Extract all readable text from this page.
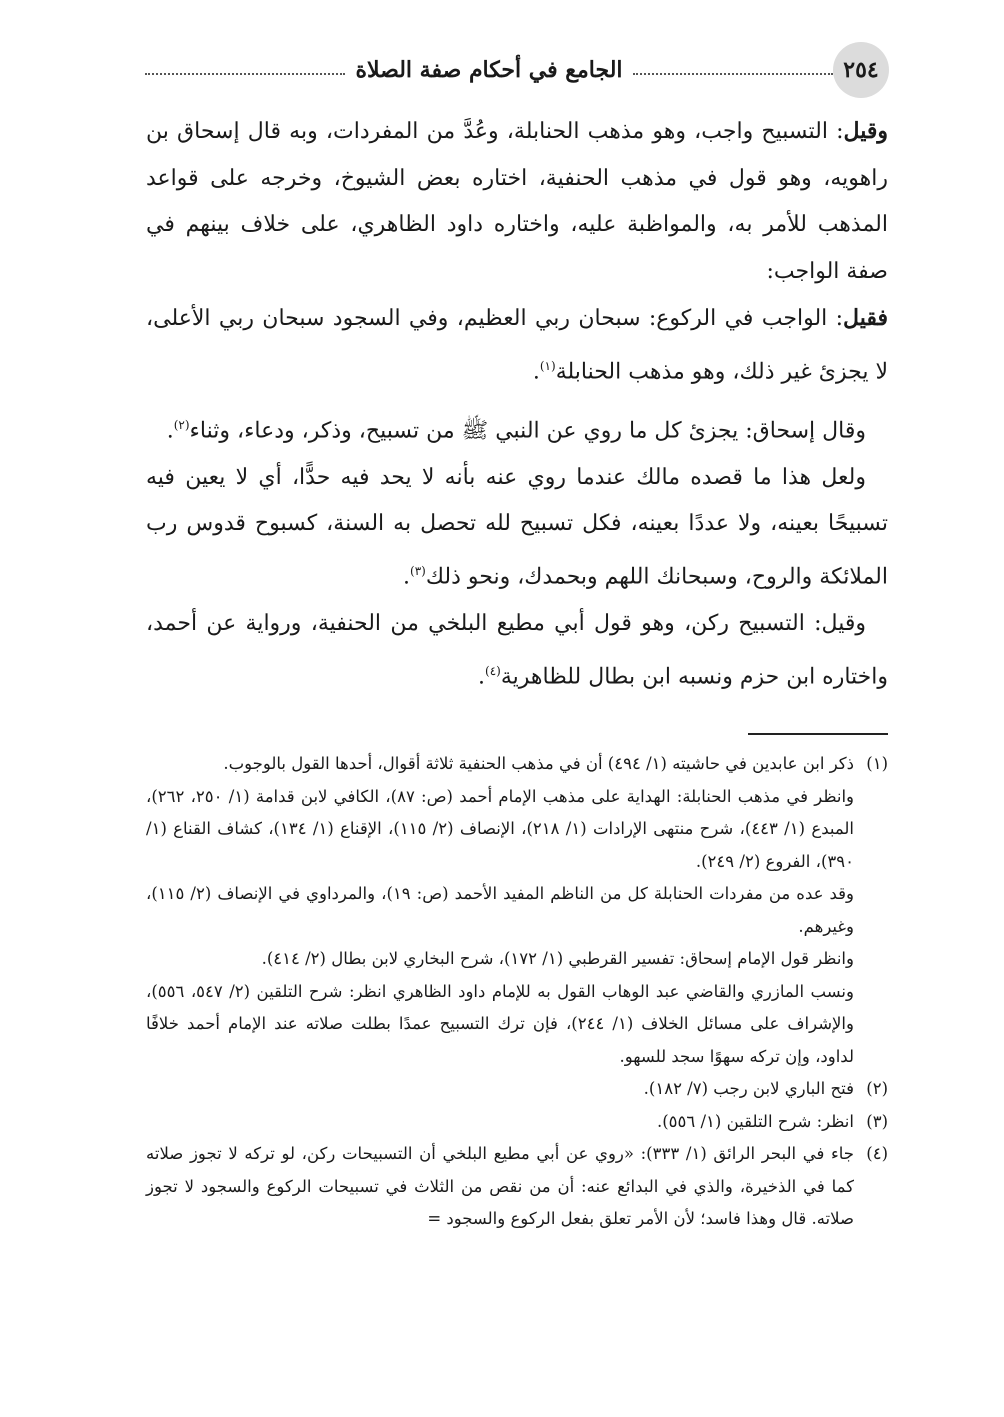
٢٥٤
الجامع في أحكام صفة الصلاة

وقيل: التسبيح واجب، وهو مذهب الحنابلة، وعُدَّ من المفردات، وبه قال إسحاق بن راهويه، وهو قول في مذهب الحنفية، اختاره بعض الشيوخ، وخرجه على قواعد المذهب للأمر به، والمواظبة عليه، واختاره داود الظاهري، على خلاف بينهم في صفة الواجب:

فقيل: الواجب في الركوع: سبحان ربي العظيم، وفي السجود سبحان ربي الأعلى، لا يجزئ غير ذلك، وهو مذهب الحنابلة$^{(١)}$.

وقال إسحاق: يجزئ كل ما روي عن النبي ﷺ من تسبيح، وذكر، ودعاء، وثناء$^{(٢)}$.

ولعل هذا ما قصده مالك عندما روي عنه بأنه لا يحد فيه حدًّا، أي لا يعين فيه تسبيحًا بعينه، ولا عددًا بعينه، فكل تسبيح لله تحصل به السنة، كسبوح قدوس رب الملائكة والروح، وسبحانك اللهم وبحمدك، ونحو ذلك$^{(٣)}$.

وقيل: التسبيح ركن، وهو قول أبي مطيع البلخي من الحنفية، ورواية عن أحمد، واختاره ابن حزم ونسبه ابن بطال للظاهرية$^{(٤)}$.

(١)

ذكر ابن عابدين في حاشيته (١/ ٤٩٤) أن في مذهب الحنفية ثلاثة أقوال، أحدها القول بالوجوب.

وانظر في مذهب الحنابلة: الهداية على مذهب الإمام أحمد (ص: ٨٧)، الكافي لابن قدامة (١/ ٢٥٠، ٢٦٢)، المبدع (١/ ٤٤٣)، شرح منتهى الإرادات (١/ ٢١٨)، الإنصاف (٢/ ١١٥)، الإقناع (١/ ١٣٤)، كشاف القناع (١/ ٣٩٠)، الفروع (٢/ ٢٤٩).

وقد عده من مفردات الحنابلة كل من الناظم المفيد الأحمد (ص: ١٩)، والمرداوي في الإنصاف (٢/ ١١٥)، وغيرهم.

وانظر قول الإمام إسحاق: تفسير القرطبي (١/ ١٧٢)، شرح البخاري لابن بطال (٢/ ٤١٤).

ونسب المازري والقاضي عبد الوهاب القول به للإمام داود الظاهري انظر: شرح التلقين (٢/ ٥٤٧، ٥٥٦)، والإشراف على مسائل الخلاف (١/ ٢٤٤)، فإن ترك التسبيح عمدًا بطلت صلاته عند الإمام أحمد خلافًا لداود، وإن تركه سهوًا سجد للسهو.

(٢)
فتح الباري لابن رجب (٧/ ١٨٢).
(٣)
انظر: شرح التلقين (١/ ٥٥٦).
(٤)
جاء في البحر الرائق (١/ ٣٣٣): «روي عن أبي مطيع البلخي أن التسبيحات ركن، لو تركه لا تجوز صلاته كما في الذخيرة، والذي في البدائع عنه: أن من نقص من الثلاث في تسبيحات الركوع والسجود لا تجوز صلاته. قال وهذا فاسد؛ لأن الأمر تعلق بفعل الركوع والسجود =
